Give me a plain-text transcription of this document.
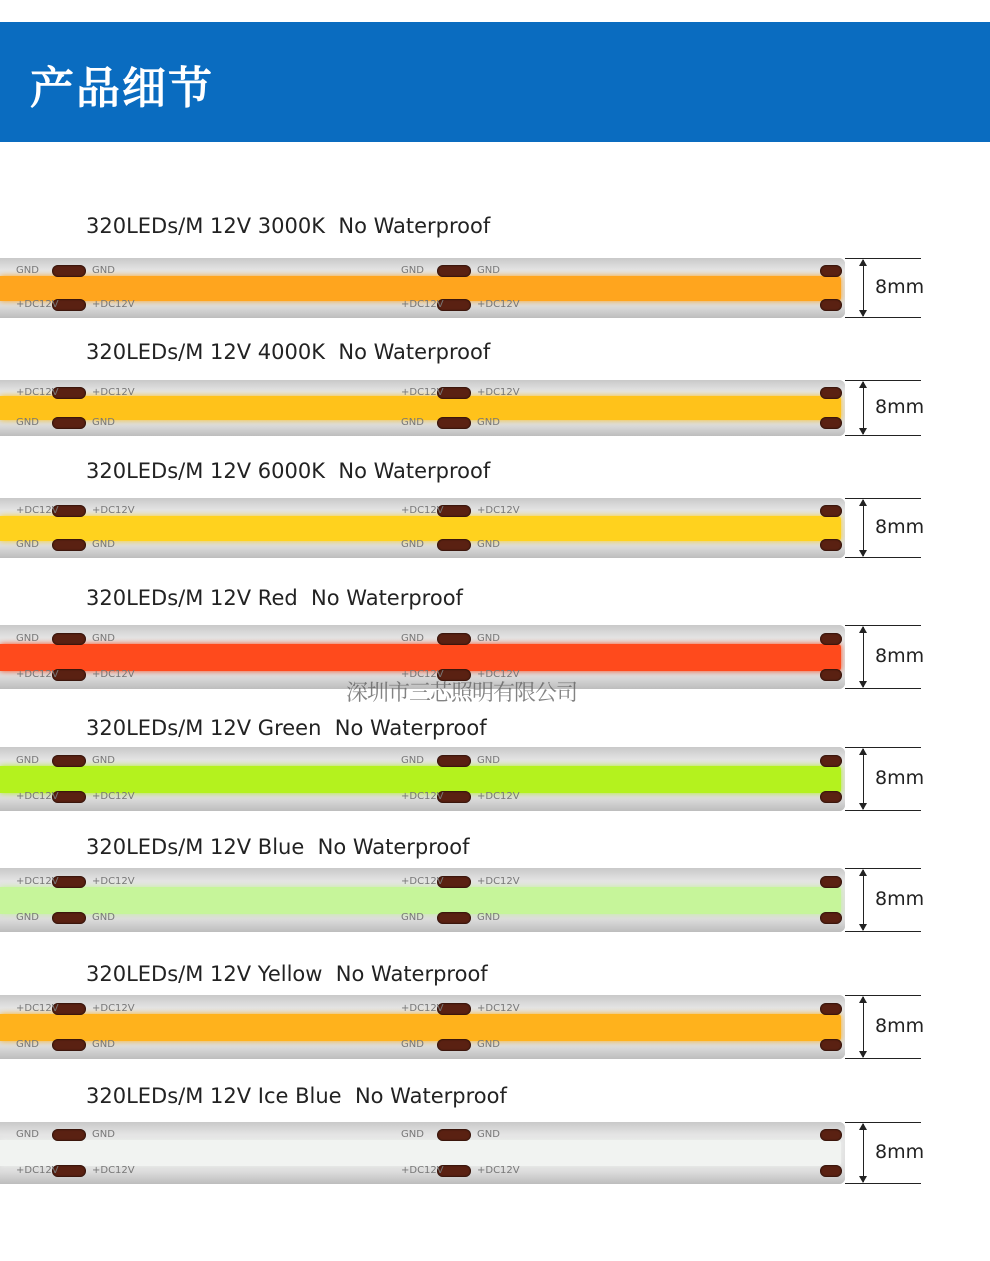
产品细节
320LEDs/M 12V 3000K  No Waterproof
GND	GND
+DC12V	+DC12V
GND	GND
+DC12V	+DC12V
8mm
320LEDs/M 12V 4000K  No Waterproof
+DC12V	+DC12V
GND	GND
+DC12V	+DC12V
GND	GND
8mm
320LEDs/M 12V 6000K  No Waterproof
+DC12V	+DC12V
GND	GND
+DC12V	+DC12V
GND	GND
8mm
320LEDs/M 12V Red  No Waterproof
GND	GND
+DC12V	+DC12V
GND	GND
+DC12V	+DC12V
8mm
320LEDs/M 12V Green  No Waterproof
GND	GND
+DC12V	+DC12V
GND	GND
+DC12V	+DC12V
8mm
320LEDs/M 12V Blue  No Waterproof
+DC12V	+DC12V
GND	GND
+DC12V	+DC12V
GND	GND
8mm
320LEDs/M 12V Yellow  No Waterproof
+DC12V	+DC12V
GND	GND
+DC12V	+DC12V
GND	GND
8mm
320LEDs/M 12V Ice Blue  No Waterproof
GND	GND
+DC12V	+DC12V
GND	GND
+DC12V	+DC12V
8mm
深圳市三芯照明有限公司
